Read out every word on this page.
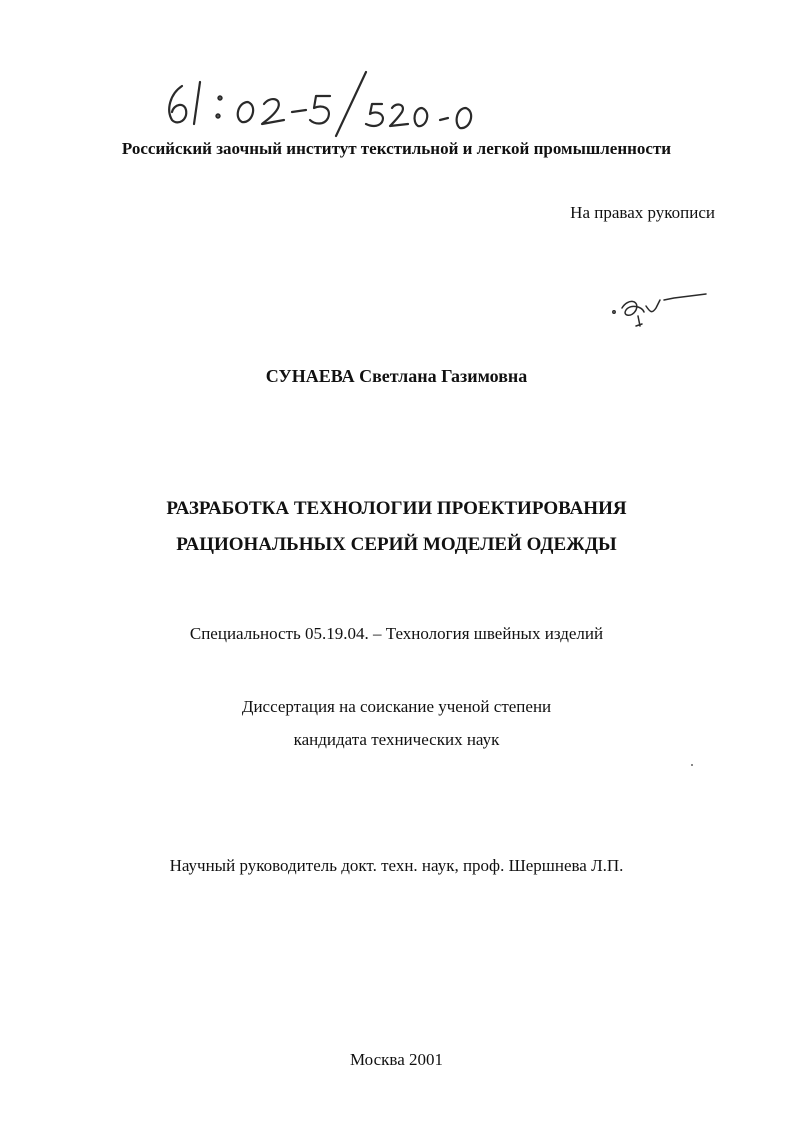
Российский заочный институт текстильной и легкой промышленности

На правах рукописи

СУНАЕВА Светлана Газимовна

РАЗРАБОТКА ТЕХНОЛОГИИ ПРОЕКТИРОВАНИЯ
РАЦИОНАЛЬНЫХ СЕРИЙ МОДЕЛЕЙ ОДЕЖДЫ

Специальность 05.19.04. – Технология швейных изделий

Диссертация на соискание ученой степени
кандидата технических наук

Научный руководитель докт. техн. наук, проф. Шершнева Л.П.

Москва 2001
